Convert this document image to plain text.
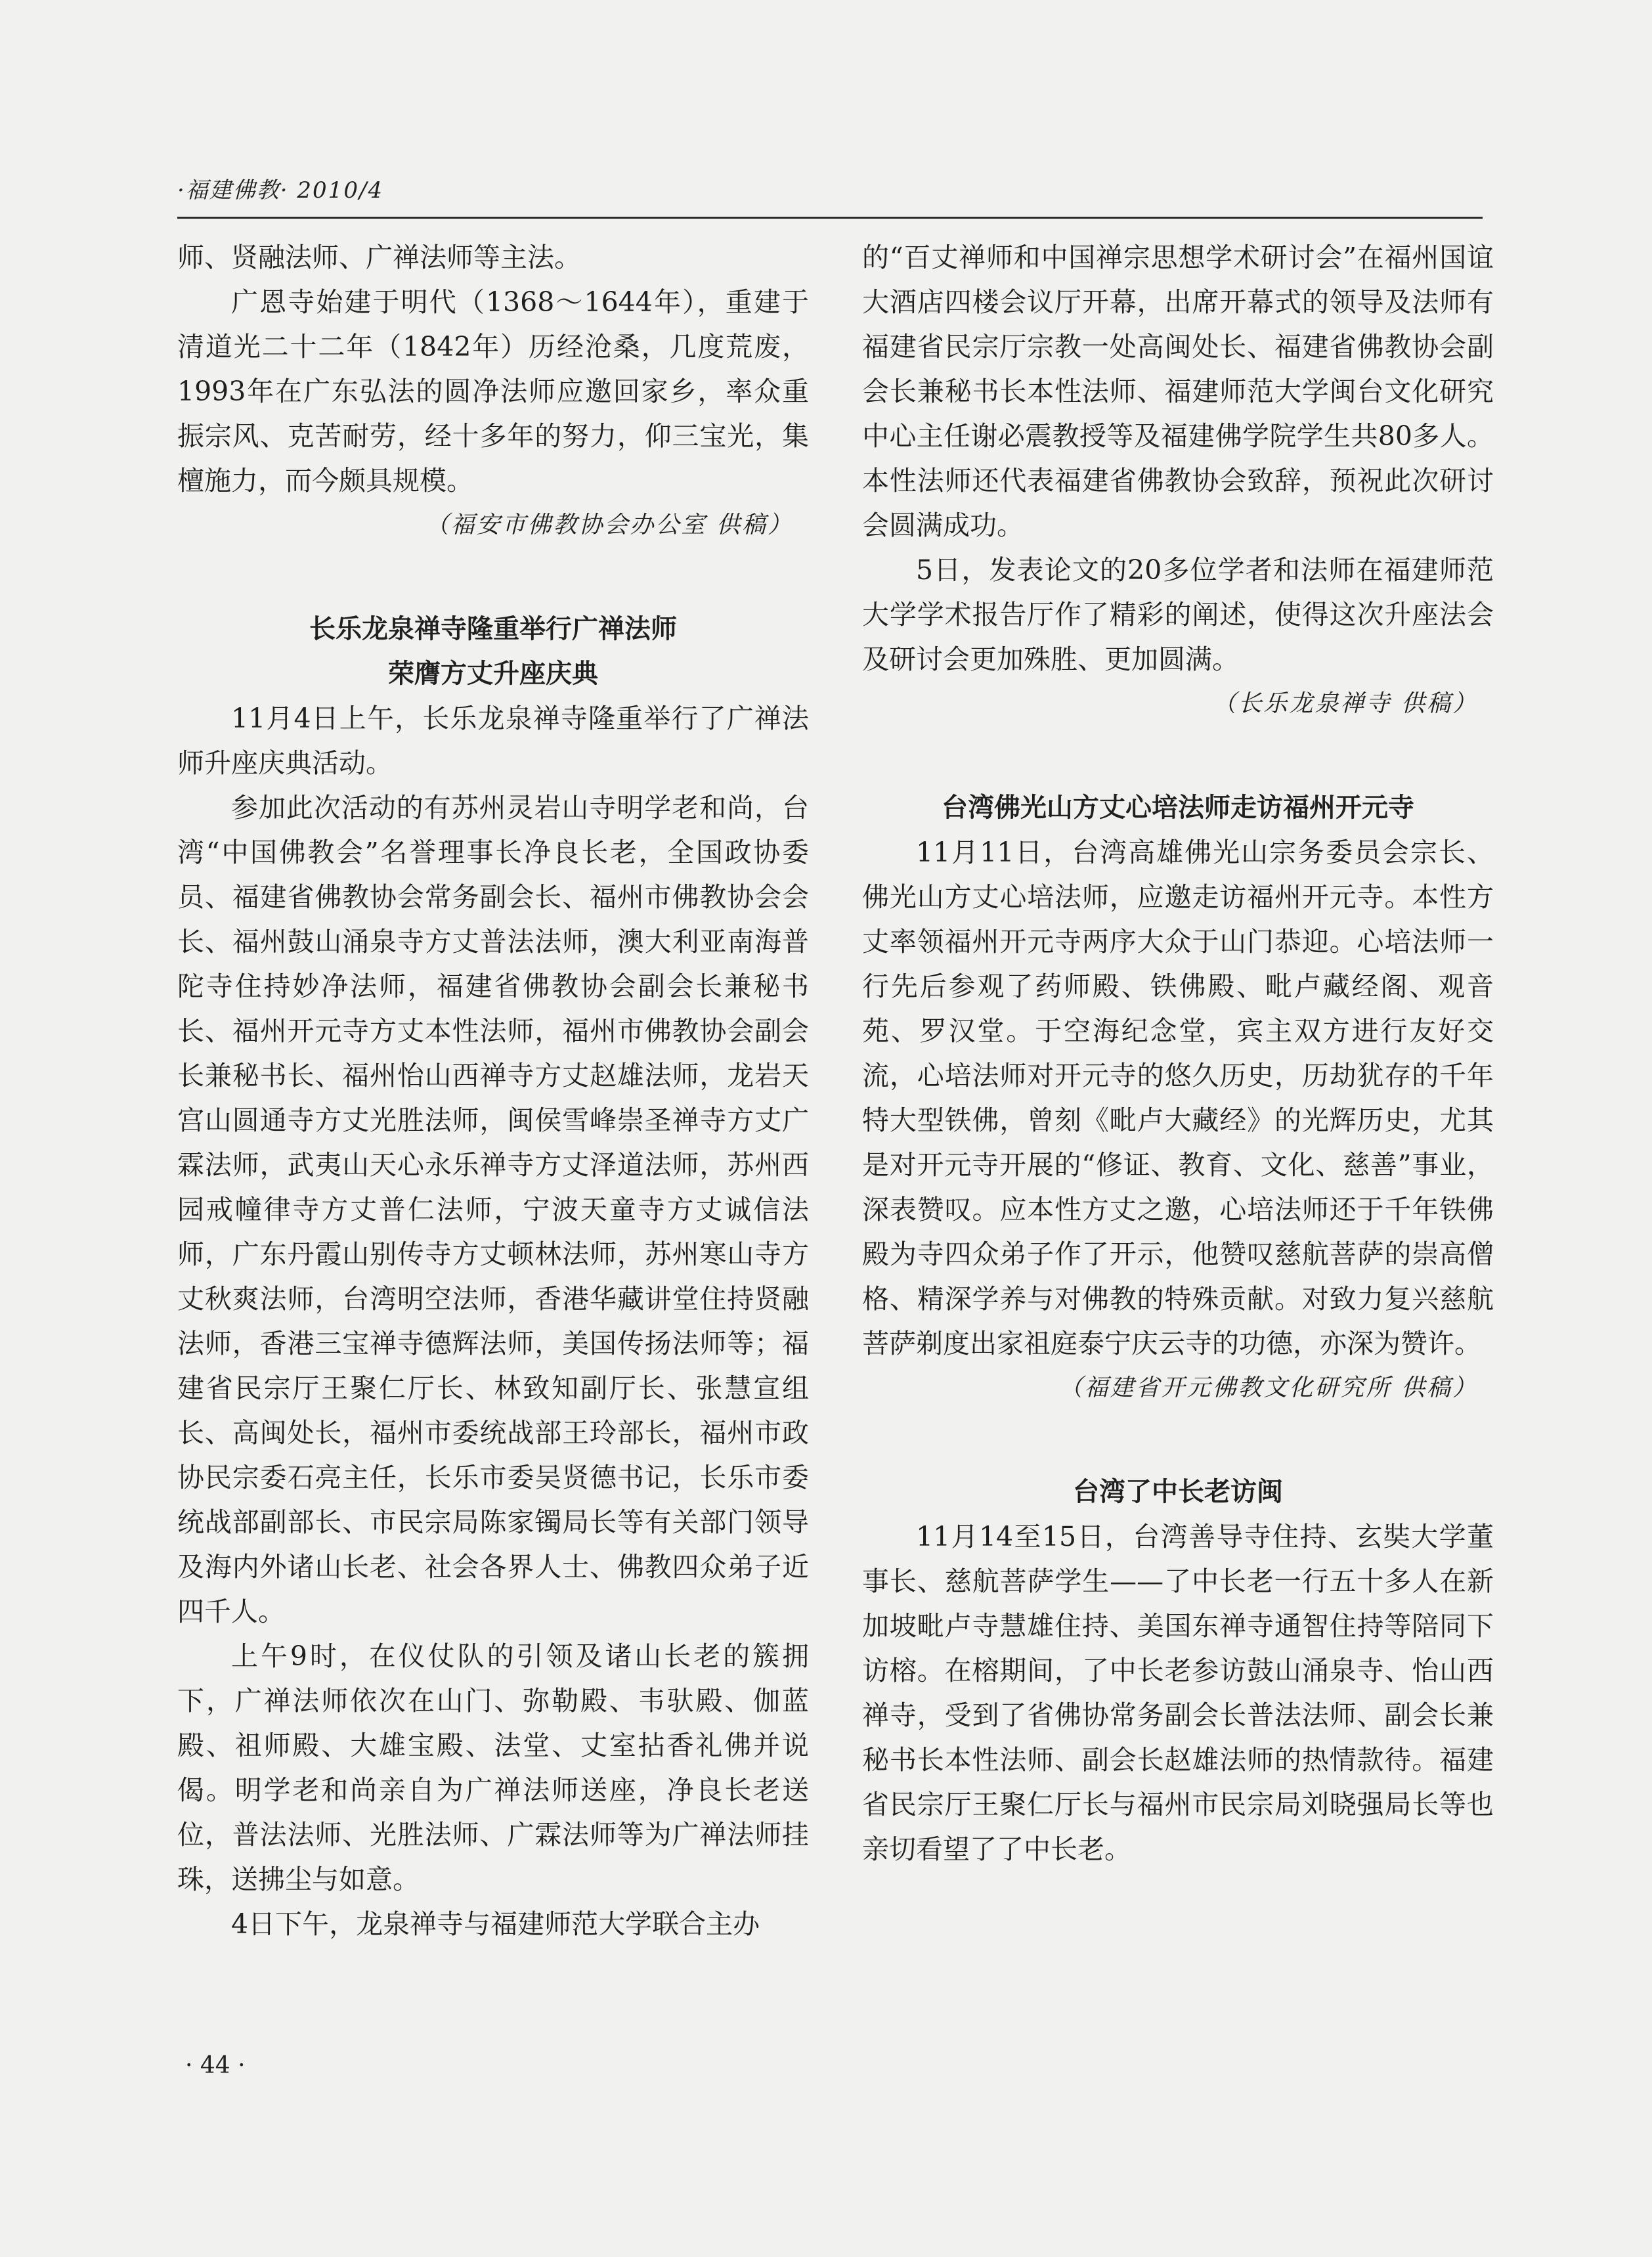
·福建佛教· 2010/4

师、贤融法师、广禅法师等主法。

广恩寺始建于明代（1368～1644年），重建于清道光二十二年（1842年）历经沧桑，几度荒废，1993年在广东弘法的圆净法师应邀回家乡，率众重振宗风、克苦耐劳，经十多年的努力，仰三宝光，集檀施力，而今颇具规模。

（福安市佛教协会办公室 供稿）

长乐龙泉禅寺隆重举行广禅法师
荣膺方丈升座庆典

11月4日上午，长乐龙泉禅寺隆重举行了广禅法师升座庆典活动。

参加此次活动的有苏州灵岩山寺明学老和尚，台湾“中国佛教会”名誉理事长净良长老，全国政协委员、福建省佛教协会常务副会长、福州市佛教协会会长、福州鼓山涌泉寺方丈普法法师，澳大利亚南海普陀寺住持妙净法师，福建省佛教协会副会长兼秘书长、福州开元寺方丈本性法师，福州市佛教协会副会长兼秘书长、福州怡山西禅寺方丈赵雄法师，龙岩天宫山圆通寺方丈光胜法师，闽侯雪峰崇圣禅寺方丈广霖法师，武夷山天心永乐禅寺方丈泽道法师，苏州西园戒幢律寺方丈普仁法师，宁波天童寺方丈诚信法师，广东丹霞山别传寺方丈顿林法师，苏州寒山寺方丈秋爽法师，台湾明空法师，香港华藏讲堂住持贤融法师，香港三宝禅寺德辉法师，美国传扬法师等；福建省民宗厅王聚仁厅长、林致知副厅长、张慧宣组长、高闽处长，福州市委统战部王玲部长，福州市政协民宗委石亮主任，长乐市委吴贤德书记，长乐市委统战部副部长、市民宗局陈家镯局长等有关部门领导及海内外诸山长老、社会各界人士、佛教四众弟子近四千人。

上午9时，在仪仗队的引领及诸山长老的簇拥下，广禅法师依次在山门、弥勒殿、韦驮殿、伽蓝殿、祖师殿、大雄宝殿、法堂、丈室拈香礼佛并说偈。明学老和尚亲自为广禅法师送座，净良长老送位，普法法师、光胜法师、广霖法师等为广禅法师挂珠，送拂尘与如意。

4日下午，龙泉禅寺与福建师范大学联合主办

的“百丈禅师和中国禅宗思想学术研讨会”在福州国谊大酒店四楼会议厅开幕，出席开幕式的领导及法师有福建省民宗厅宗教一处高闽处长、福建省佛教协会副会长兼秘书长本性法师、福建师范大学闽台文化研究中心主任谢必震教授等及福建佛学院学生共80多人。本性法师还代表福建省佛教协会致辞，预祝此次研讨会圆满成功。

5日，发表论文的20多位学者和法师在福建师范大学学术报告厅作了精彩的阐述，使得这次升座法会及研讨会更加殊胜、更加圆满。

（长乐龙泉禅寺 供稿）

台湾佛光山方丈心培法师走访福州开元寺

11月11日，台湾高雄佛光山宗务委员会宗长、佛光山方丈心培法师，应邀走访福州开元寺。本性方丈率领福州开元寺两序大众于山门恭迎。心培法师一行先后参观了药师殿、铁佛殿、毗卢藏经阁、观音苑、罗汉堂。于空海纪念堂，宾主双方进行友好交流，心培法师对开元寺的悠久历史，历劫犹存的千年特大型铁佛，曾刻《毗卢大藏经》的光辉历史，尤其是对开元寺开展的“修证、教育、文化、慈善”事业，深表赞叹。应本性方丈之邀，心培法师还于千年铁佛殿为寺四众弟子作了开示，他赞叹慈航菩萨的崇高僧格、精深学养与对佛教的特殊贡献。对致力复兴慈航菩萨剃度出家祖庭泰宁庆云寺的功德，亦深为赞许。

（福建省开元佛教文化研究所 供稿）

台湾了中长老访闽

11月14至15日，台湾善导寺住持、玄奘大学董事长、慈航菩萨学生——了中长老一行五十多人在新加坡毗卢寺慧雄住持、美国东禅寺通智住持等陪同下访榕。在榕期间，了中长老参访鼓山涌泉寺、怡山西禅寺，受到了省佛协常务副会长普法法师、副会长兼秘书长本性法师、副会长赵雄法师的热情款待。福建省民宗厅王聚仁厅长与福州市民宗局刘晓强局长等也亲切看望了了中长老。

· 44 ·
